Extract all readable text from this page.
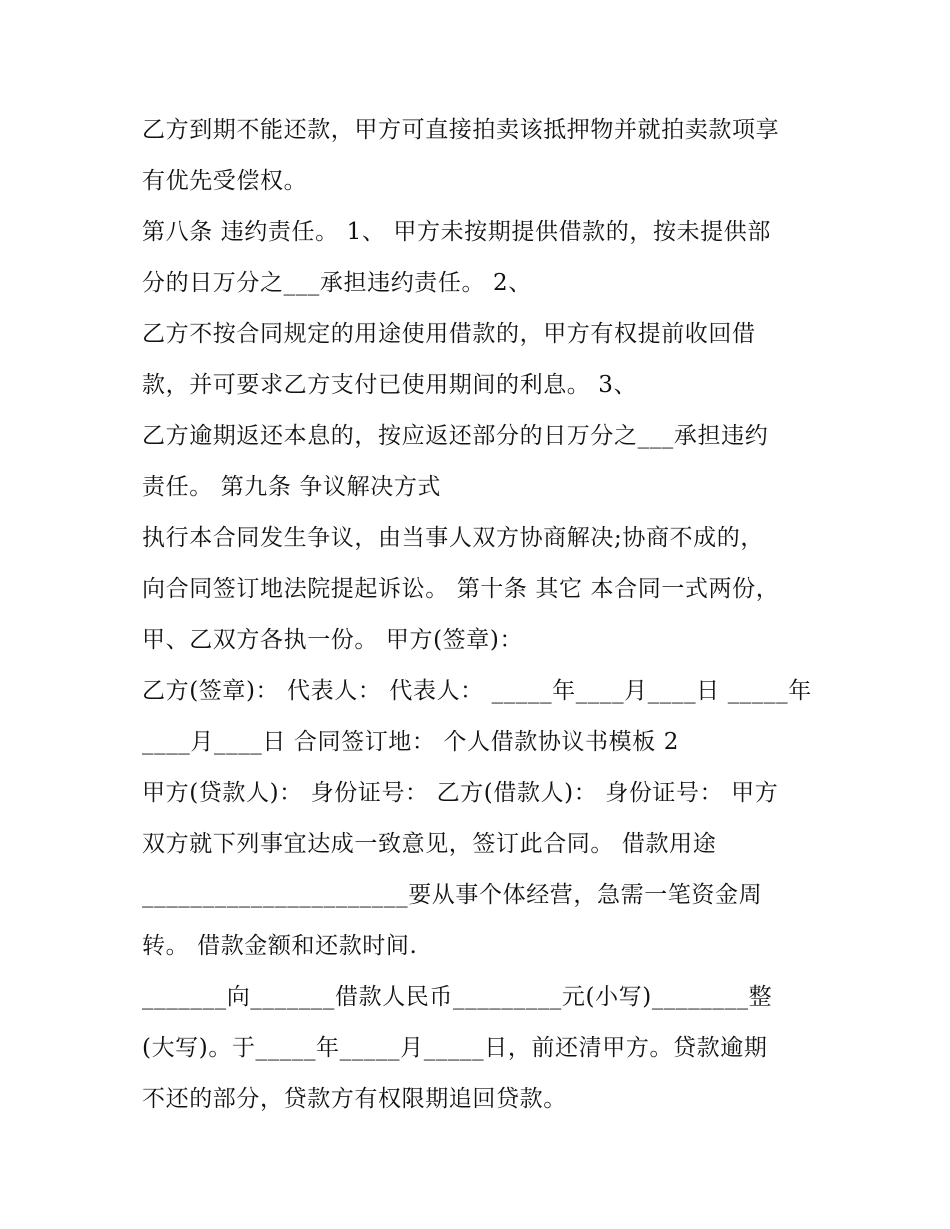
乙方到期不能还款，甲方可直接拍卖该抵押物并就拍卖款项享
有优先受偿权。
第八条 违约责任。 1、 甲方未按期提供借款的，按未提供部
分的日万分之___承担违约责任。 2、
乙方不按合同规定的用途使用借款的，甲方有权提前收回借
款，并可要求乙方支付已使用期间的利息。 3、
乙方逾期返还本息的，按应返还部分的日万分之___承担违约
责任。 第九条 争议解决方式
执行本合同发生争议，由当事人双方协商解决;协商不成的，
向合同签订地法院提起诉讼。 第十条 其它 本合同一式两份，
甲、乙双方各执一份。 甲方(签章)：
乙方(签章)： 代表人： 代表人： _____年____月____日 _____年
____月____日 合同签订地： 个人借款协议书模板 2
甲方(贷款人)： 身份证号： 乙方(借款人)： 身份证号： 甲方
双方就下列事宜达成一致意见，签订此合同。 借款用途
______________________要从事个体经营，急需一笔资金周
转。 借款金额和还款时间.
_______向_______借款人民币_________元(小写)________整
(大写)。于_____年_____月_____日，前还清甲方。贷款逾期
不还的部分，贷款方有权限期追回贷款。
